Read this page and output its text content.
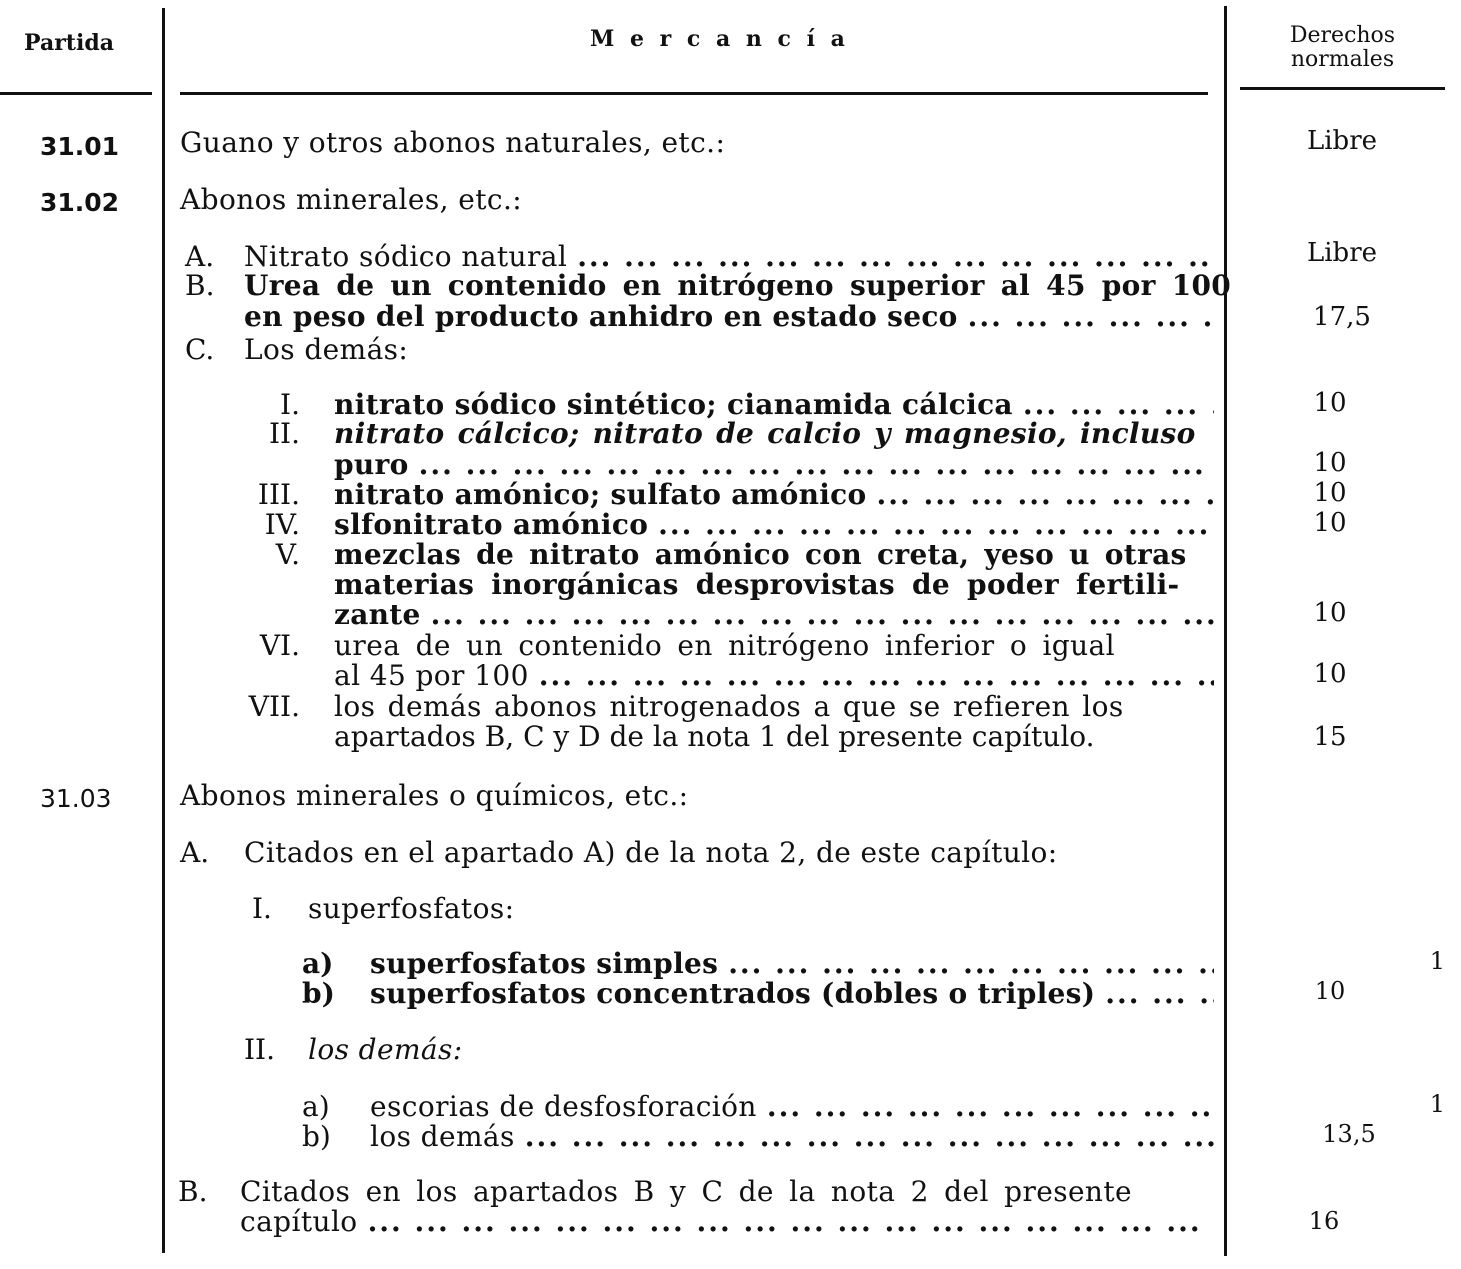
Partida	M e r c a n c í a	Derechos
normales
31.01 Guano y otros abonos naturales, etc.:	Libre
31.02 Abonos minerales, etc.:
A. Nitrato sódico natural ... .	Libre
B. Urea de un contenido en nitrógeno superior al 45 por 100
en peso del producto anhidro en estado seco ... .	17,5
C. Los demás:
I. nitrato sódico sintético; cianamida cálcica ... .	10
II. nitrato cálcico; nitrato de calcio y magnesio, incluso
puro ... .	10
III. nitrato amónico; sulfato amónico ... .	10
IV. slfonitrato amónico ... .	10
V. mezclas de nitrato amónico con creta, yeso u otras
materias inorgánicas desprovistas de poder fertili-
zante ... .	10
VI. urea de un contenido en nitrógeno inferior o igual
al 45 por 100 ... .	10
VII. los demás abonos nitrogenados a que se refieren los
apartados B, C y D de la nota 1 del presente capítulo.	15
31.03 Abonos minerales o químicos, etc.:
A. Citados en el apartado A) de la nota 2, de este capítulo:
I. superfosfatos:
a) superfosfatos simples ... .	1
b) superfosfatos concentrados (dobles o triples) ... .	10
II. los demás:
a) escorias de desfosforación ... .	1
b) los demás ... .	13,5
B. Citados en los apartados B y C de la nota 2 del presente
capítulo ... .	16
